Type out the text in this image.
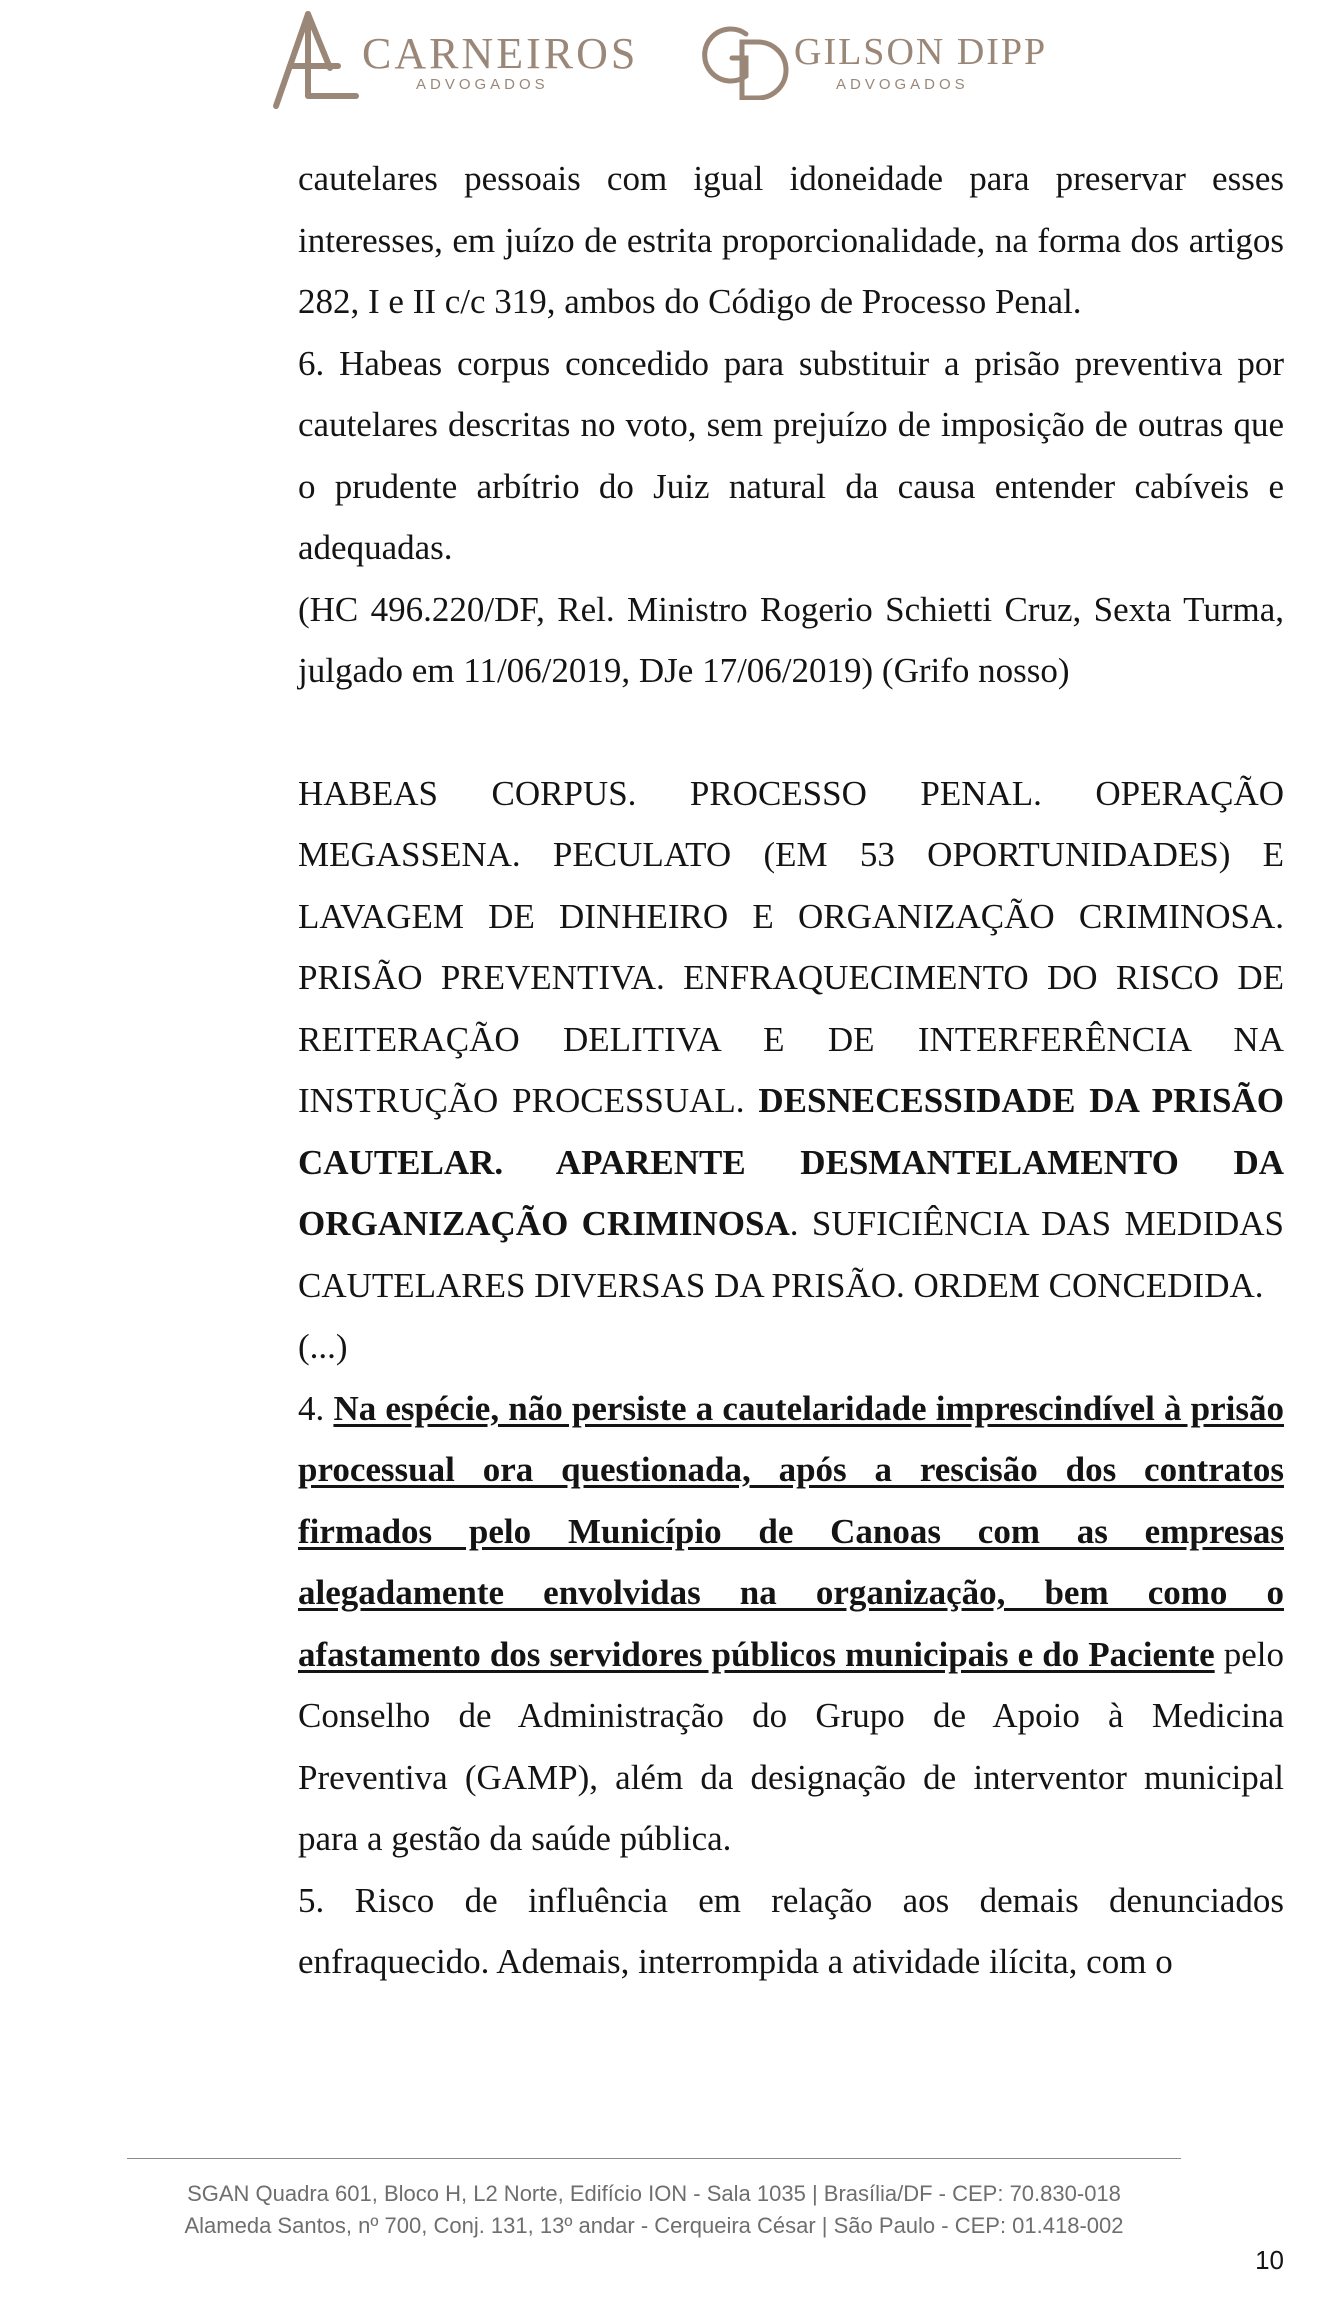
CARNEIROS
ADVOGADOS
GILSON DIPP
ADVOGADOS

cautelares pessoais com igual idoneidade para preservar esses interesses, em juízo de estrita proporcionalidade, na forma dos artigos 282, I e II c/c 319, ambos do Código de Processo Penal.

6. Habeas corpus concedido para substituir a prisão preventiva por cautelares descritas no voto, sem prejuízo de imposição de outras que o prudente arbítrio do Juiz natural da causa entender cabíveis e adequadas.

(HC 496.220/DF, Rel. Ministro Rogerio Schietti Cruz, Sexta Turma, julgado em 11/06/2019, DJe 17/06/2019) (Grifo nosso)

HABEAS CORPUS. PROCESSO PENAL. OPERAÇÃO MEGASSENA. PECULATO (EM 53 OPORTUNIDADES) E LAVAGEM DE DINHEIRO E ORGANIZAÇÃO CRIMINOSA. PRISÃO PREVENTIVA. ENFRAQUECIMENTO DO RISCO DE REITERAÇÃO DELITIVA E DE INTERFERÊNCIA NA INSTRUÇÃO PROCESSUAL. DESNECESSIDADE DA PRISÃO CAUTELAR. APARENTE DESMANTELAMENTO DA ORGANIZAÇÃO CRIMINOSA. SUFICIÊNCIA DAS MEDIDAS CAUTELARES DIVERSAS DA PRISÃO. ORDEM CONCEDIDA.

(...)

4. Na espécie, não persiste a cautelaridade imprescindível à prisão processual ora questionada, após a rescisão dos contratos firmados pelo Município de Canoas com as empresas alegadamente envolvidas na organização, bem como o afastamento dos servidores públicos municipais e do Paciente pelo Conselho de Administração do Grupo de Apoio à Medicina Preventiva (GAMP), além da designação de interventor municipal para a gestão da saúde pública.

5. Risco de influência em relação aos demais denunciados enfraquecido. Ademais, interrompida a atividade ilícita, com o

SGAN Quadra 601, Bloco H, L2 Norte, Edifício ION - Sala 1035 | Brasília/DF - CEP: 70.830-018

Alameda Santos, nº 700, Conj. 131, 13º andar - Cerqueira César | São Paulo - CEP: 01.418-002

10
